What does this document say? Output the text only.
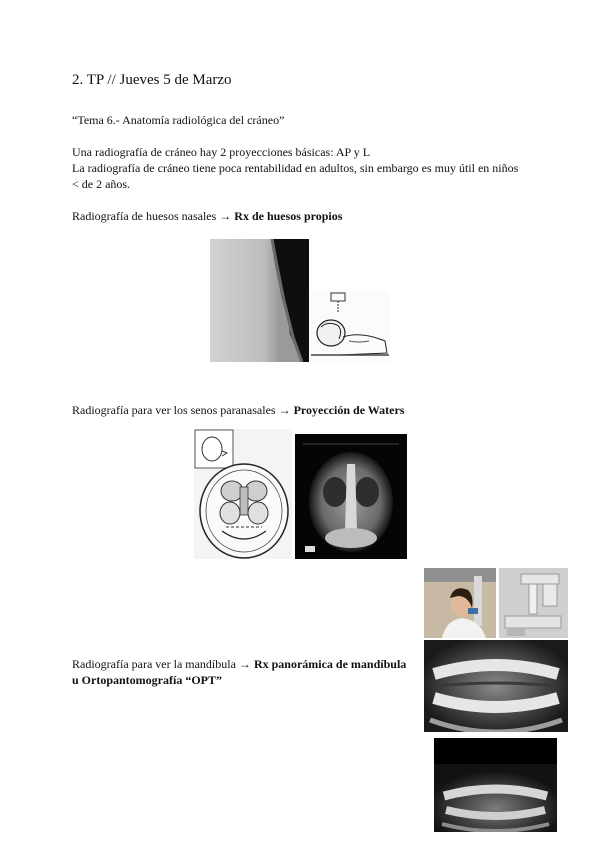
2. TP // Jueves 5 de Marzo
“Tema 6.- Anatomía radiológica del cráneo”
Una radiografía de cráneo hay 2 proyecciones básicas: AP y L
La radiografía de cráneo tiene poca rentabilidad en adultos, sin embargo es muy útil en niños
< de 2 años.
Radiografía de huesos nasales → Rx de huesos propios
Radiografía para ver los senos paranasales → Proyección de Waters
Radiografía para ver la mandíbula → Rx panorámica de mandíbula
u Ortopantomografía “OPT”
